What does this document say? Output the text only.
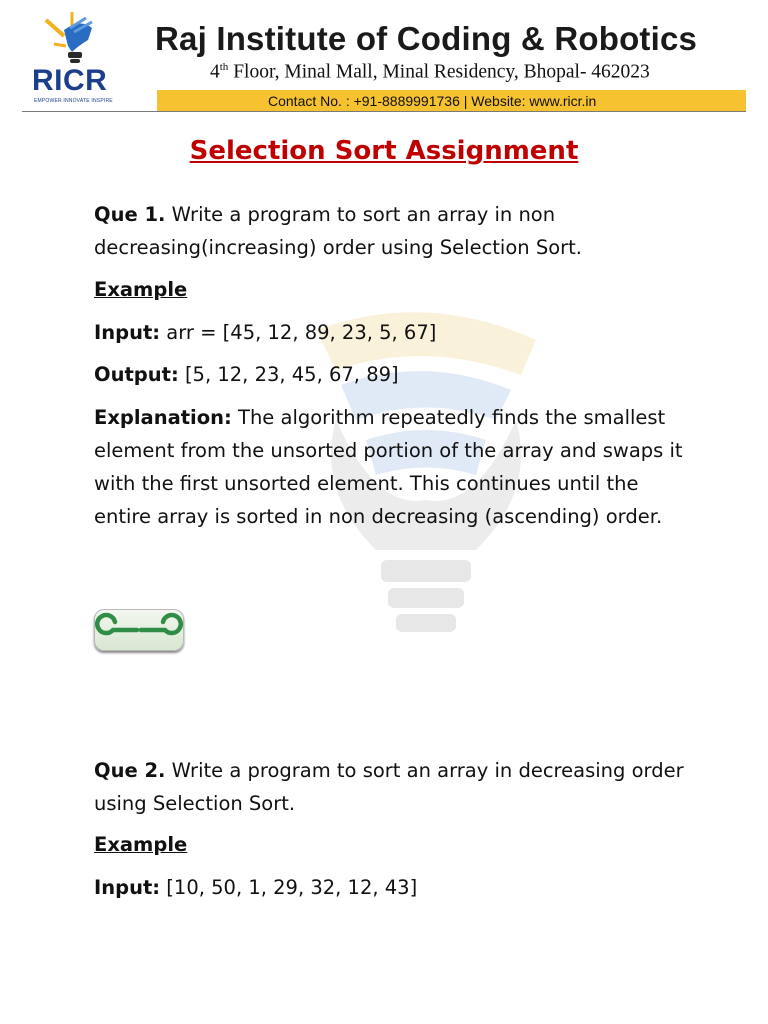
RICR
EMPOWER INNOVATE INSPIRE
Raj Institute of Coding & Robotics
4th Floor, Minal Mall, Minal Residency, Bhopal- 462023
Contact No. : +91-8889991736 | Website: www.ricr.in
Selection Sort Assignment
Que 1. Write a program to sort an array in non decreasing(increasing) order using Selection Sort.
Example
Input: arr = [45, 12, 89, 23, 5, 67]
Output: [5, 12, 23, 45, 67, 89]
Explanation: The algorithm repeatedly finds the smallest element from the unsorted portion of the array and swaps it with the first unsorted element. This continues until the entire array is sorted in non decreasing (ascending) order.
Que 2. Write a program to sort an array in decreasing order using Selection Sort.
Example
Input: [10, 50, 1, 29, 32, 12, 43]
